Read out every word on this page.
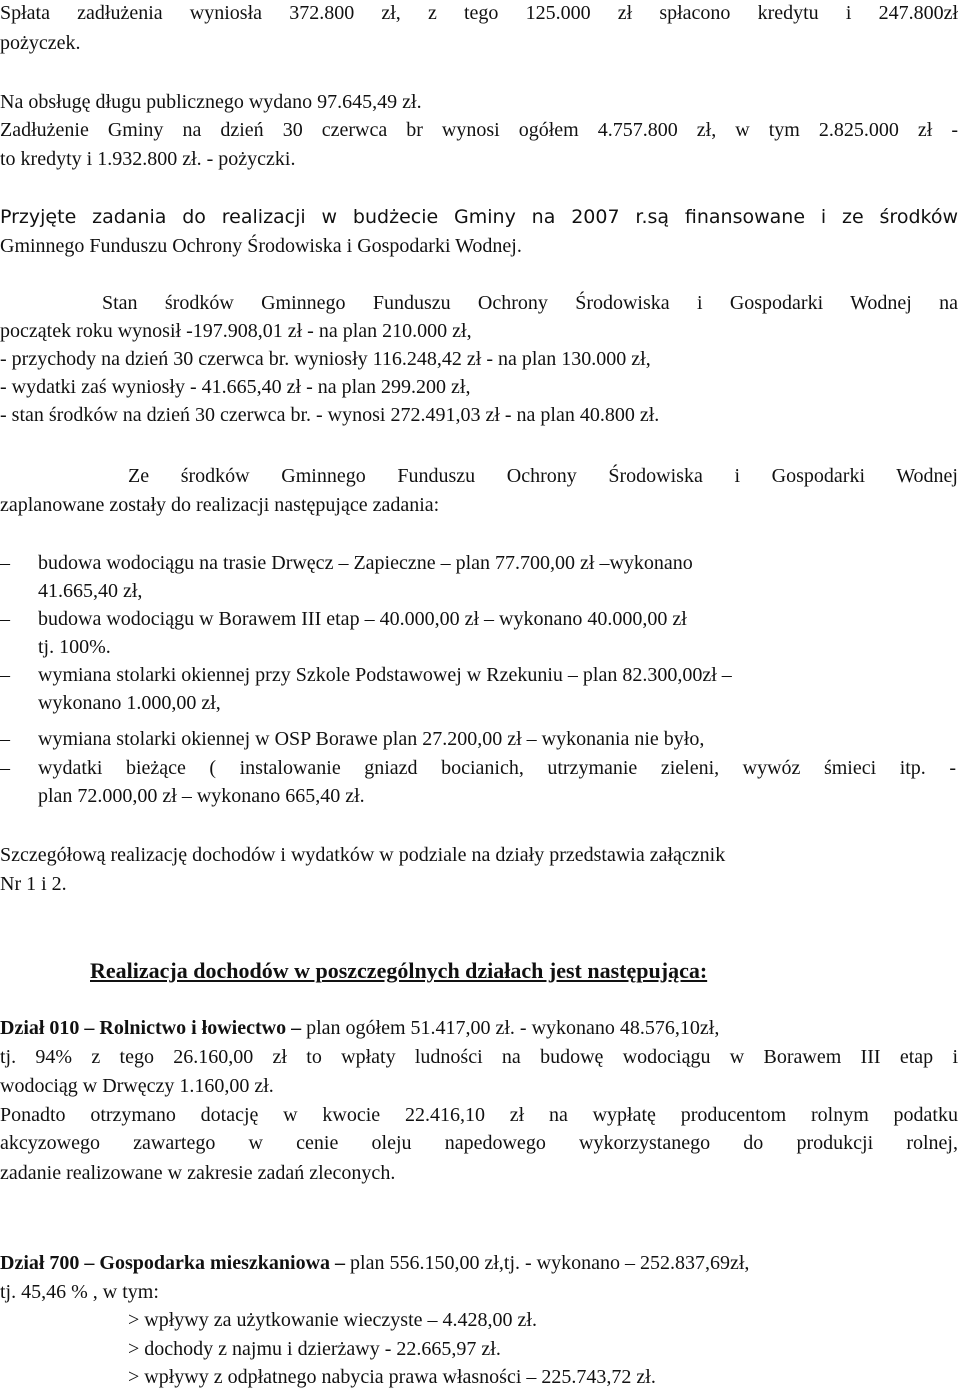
Spłata zadłużenia wyniosła 372.800 zł, z tego 125.000 zł spłacono kredytu i 247.800zł
pożyczek.
Na obsługę długu publicznego wydano 97.645,49 zł.
Zadłużenie Gminy na dzień 30 czerwca br wynosi ogółem 4.757.800 zł, w tym 2.825.000 zł -
to kredyty i 1.932.800 zł. - pożyczki.
Przyjęte zadania do realizacji w budżecie Gminy na 2007 r.są finansowane i ze środków
Gminnego Funduszu Ochrony Środowiska i Gospodarki Wodnej.
Stan środków Gminnego Funduszu Ochrony Środowiska i Gospodarki Wodnej na
początek roku wynosił -197.908,01 zł - na plan 210.000 zł,
- przychody na dzień 30 czerwca br. wyniosły 116.248,42 zł - na plan 130.000 zł,
- wydatki zaś wyniosły - 41.665,40 zł - na plan 299.200 zł,
- stan środków na dzień 30 czerwca br. - wynosi 272.491,03 zł - na plan 40.800 zł.
Ze środków Gminnego Funduszu Ochrony Środowiska i Gospodarki Wodnej
zaplanowane zostały do realizacji następujące zadania:
–	budowa wodociągu na trasie Drwęcz – Zapieczne – plan 77.700,00 zł –wykonano
41.665,40 zł,
–	budowa wodociągu w Borawem III etap – 40.000,00 zł – wykonano 40.000,00 zł
tj. 100%.
–	wymiana stolarki okiennej przy Szkole Podstawowej w Rzekuniu – plan 82.300,00zł –
wykonano 1.000,00 zł,
–	wymiana stolarki okiennej w OSP Borawe plan 27.200,00 zł – wykonania nie było,
–	wydatki bieżące ( instalowanie gniazd bocianich, utrzymanie zieleni, wywóz śmieci itp. -
plan 72.000,00 zł – wykonano 665,40 zł.
Szczegółową realizację dochodów i wydatków w podziale na działy przedstawia załącznik
Nr 1 i 2.
Realizacja dochodów w poszczególnych działach jest następująca:
Dział 010 – Rolnictwo i łowiectwo – plan ogółem 51.417,00 zł. - wykonano 48.576,10zł,
tj. 94% z tego 26.160,00 zł to wpłaty ludności na budowę wodociągu w Borawem III etap i
wodociąg w Drwęczy 1.160,00 zł.
Ponadto otrzymano dotację w kwocie 22.416,10 zł na wypłatę producentom rolnym podatku
akcyzowego zawartego w cenie oleju napedowego wykorzystanego do produkcji rolnej,
zadanie realizowane w zakresie zadań zleconych.
Dział 700 – Gospodarka mieszkaniowa – plan 556.150,00 zł,tj. - wykonano – 252.837,69zł,
tj. 45,46 % , w tym:
> wpływy za użytkowanie wieczyste – 4.428,00 zł.
> dochody z najmu i dzierżawy - 22.665,97 zł.
> wpływy z odpłatnego nabycia prawa własności – 225.743,72 zł.
